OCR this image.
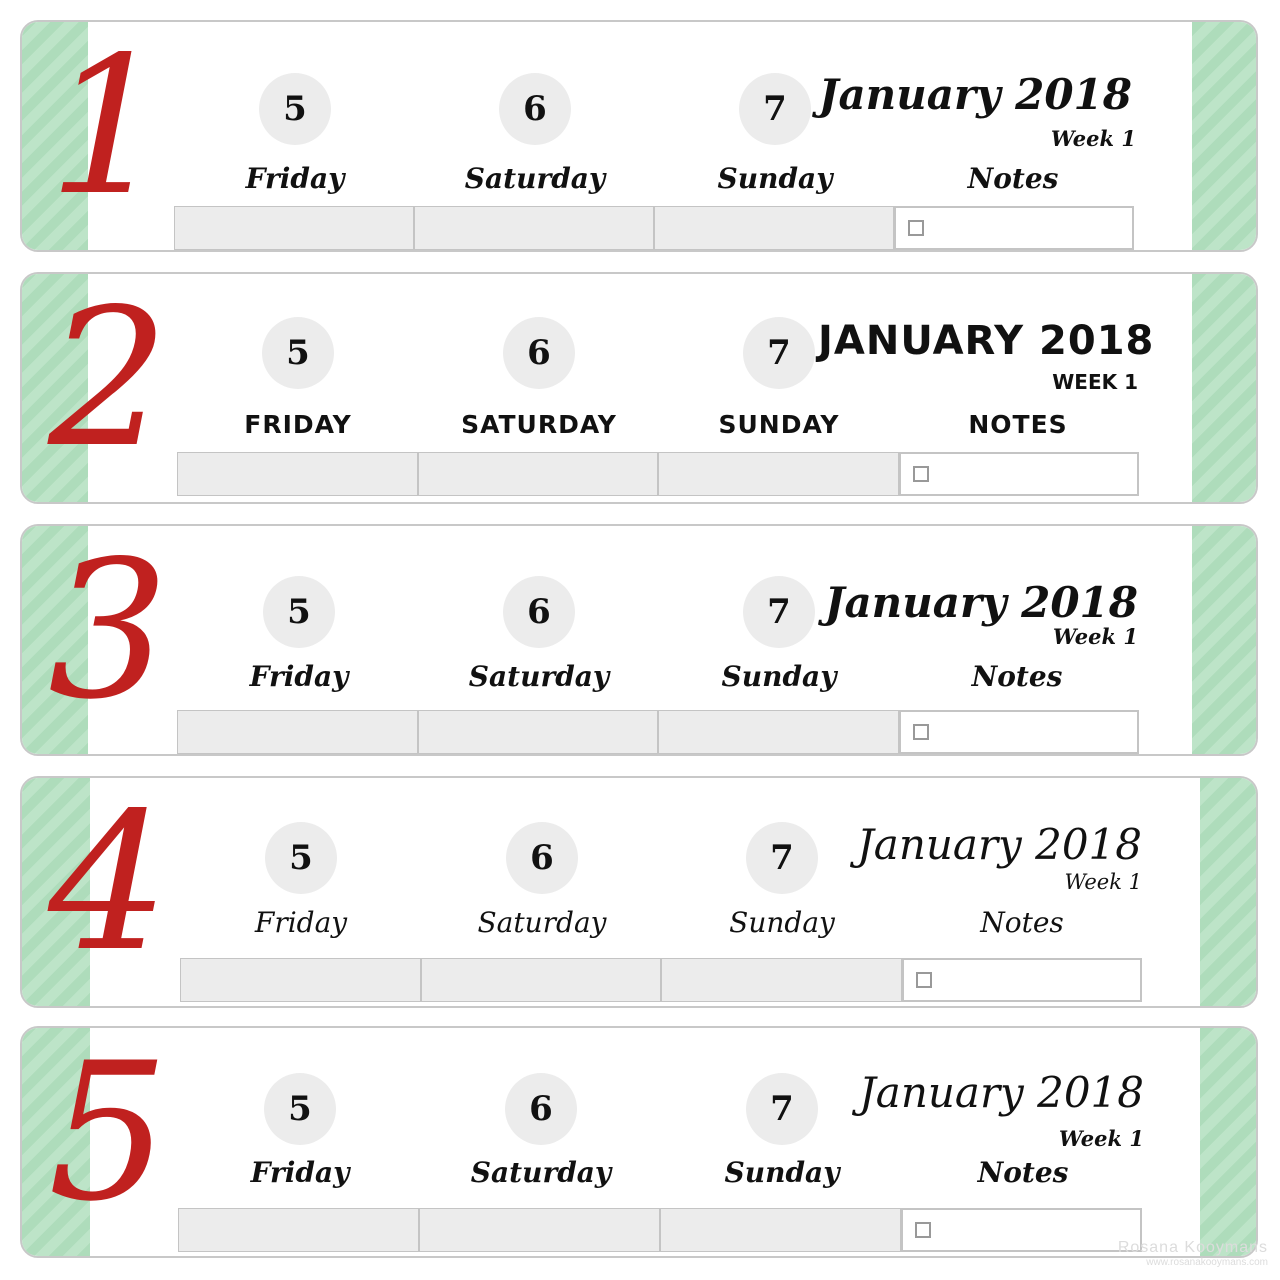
1	5	6	7 January 2018
Week 1
Friday	Saturday	Sunday	Notes
2	5	6	7 JANUARY 2018
WEEK 1
FRIDAY	SATURDAY	SUNDAY	NOTES
3	5	6	7 January 2018
Week 1
Friday	Saturday	Sunday	Notes
4	5	6	7	January 2018
Week 1
Friday	Saturday	Sunday	Notes
5	5	6	7	January 2018
Week 1
Friday	Saturday	Sunday	Notes
Rosana Kooymans
www.rosanakooymans.com
